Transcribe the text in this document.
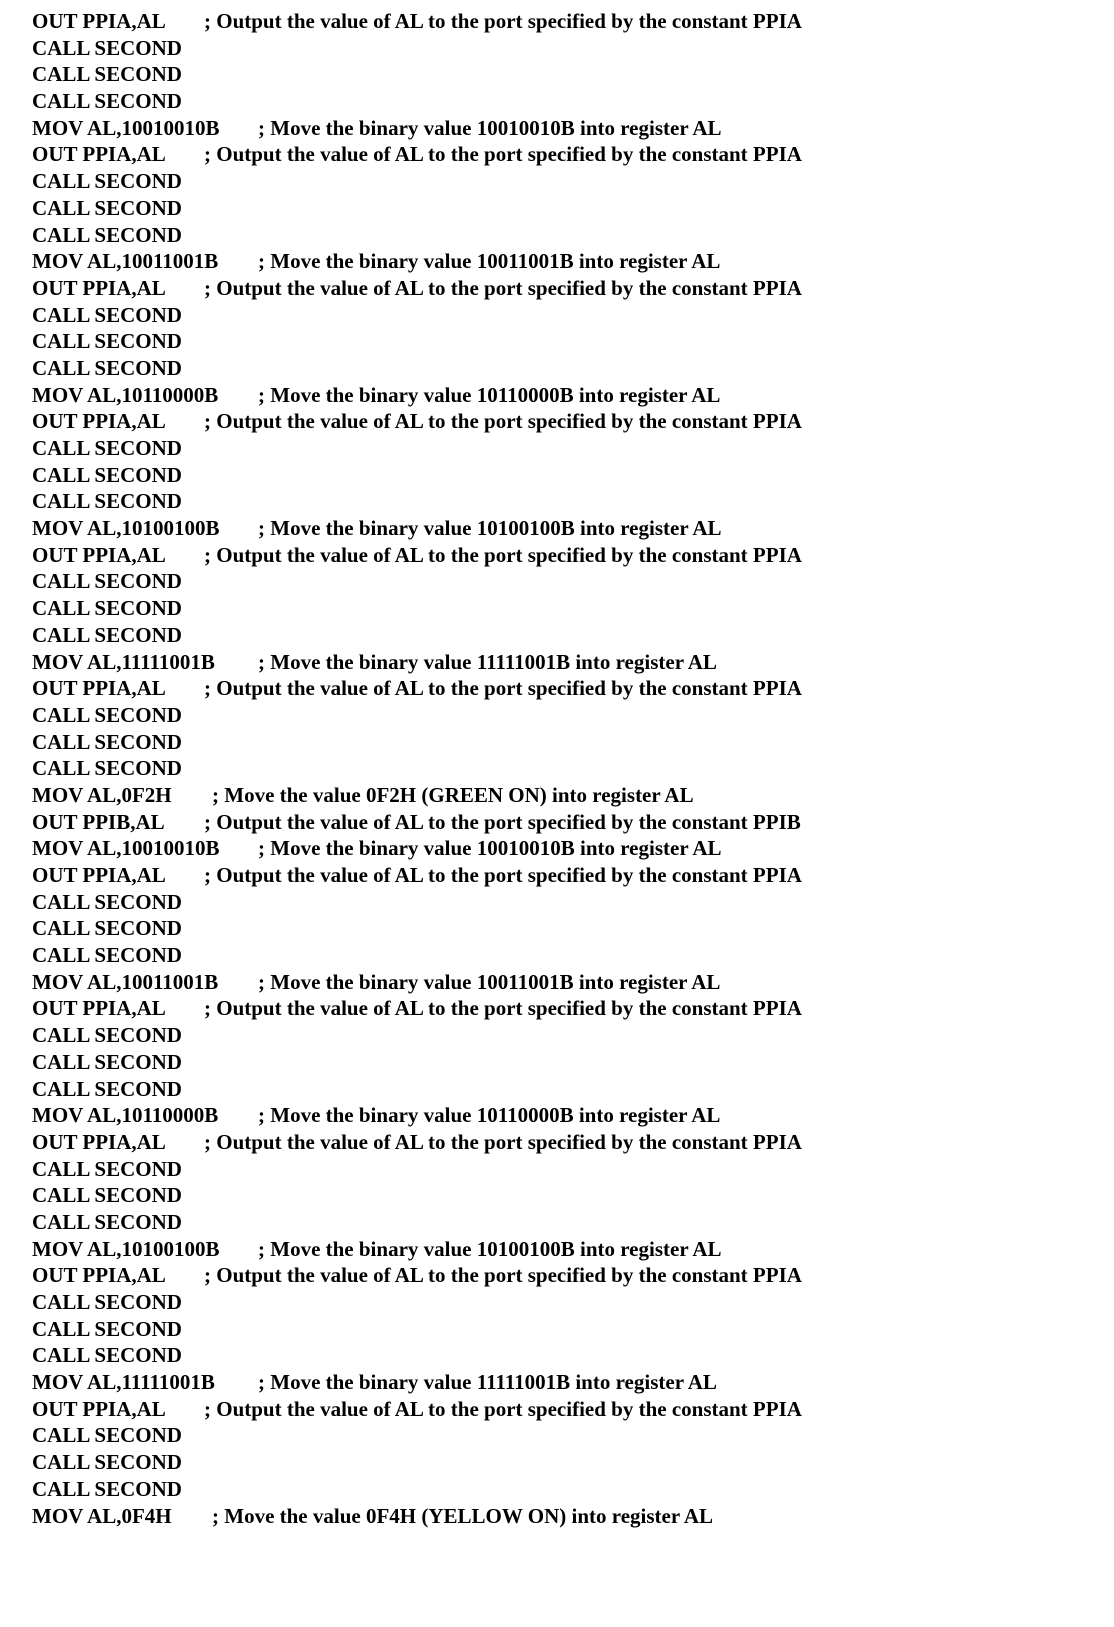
OUT PPIA,AL ; Output the value of AL to the port specified by the constant PPIA
CALL SECOND
CALL SECOND
CALL SECOND
MOV AL,10010010B ; Move the binary value 10010010B into register AL
OUT PPIA,AL ; Output the value of AL to the port specified by the constant PPIA
CALL SECOND
CALL SECOND
CALL SECOND
MOV AL,10011001B ; Move the binary value 10011001B into register AL
OUT PPIA,AL ; Output the value of AL to the port specified by the constant PPIA
CALL SECOND
CALL SECOND
CALL SECOND
MOV AL,10110000B ; Move the binary value 10110000B into register AL
OUT PPIA,AL ; Output the value of AL to the port specified by the constant PPIA
CALL SECOND
CALL SECOND
CALL SECOND
MOV AL,10100100B ; Move the binary value 10100100B into register AL
OUT PPIA,AL ; Output the value of AL to the port specified by the constant PPIA
CALL SECOND
CALL SECOND
CALL SECOND
MOV AL,11111001B ; Move the binary value 11111001B into register AL
OUT PPIA,AL ; Output the value of AL to the port specified by the constant PPIA
CALL SECOND
CALL SECOND
CALL SECOND
MOV AL,0F2H ; Move the value 0F2H (GREEN ON) into register AL
OUT PPIB,AL ; Output the value of AL to the port specified by the constant PPIB
MOV AL,10010010B ; Move the binary value 10010010B into register AL
OUT PPIA,AL ; Output the value of AL to the port specified by the constant PPIA
CALL SECOND
CALL SECOND
CALL SECOND
MOV AL,10011001B ; Move the binary value 10011001B into register AL
OUT PPIA,AL ; Output the value of AL to the port specified by the constant PPIA
CALL SECOND
CALL SECOND
CALL SECOND
MOV AL,10110000B ; Move the binary value 10110000B into register AL
OUT PPIA,AL ; Output the value of AL to the port specified by the constant PPIA
CALL SECOND
CALL SECOND
CALL SECOND
MOV AL,10100100B ; Move the binary value 10100100B into register AL
OUT PPIA,AL ; Output the value of AL to the port specified by the constant PPIA
CALL SECOND
CALL SECOND
CALL SECOND
MOV AL,11111001B ; Move the binary value 11111001B into register AL
OUT PPIA,AL ; Output the value of AL to the port specified by the constant PPIA
CALL SECOND
CALL SECOND
CALL SECOND
MOV AL,0F4H ; Move the value 0F4H (YELLOW ON) into register AL
